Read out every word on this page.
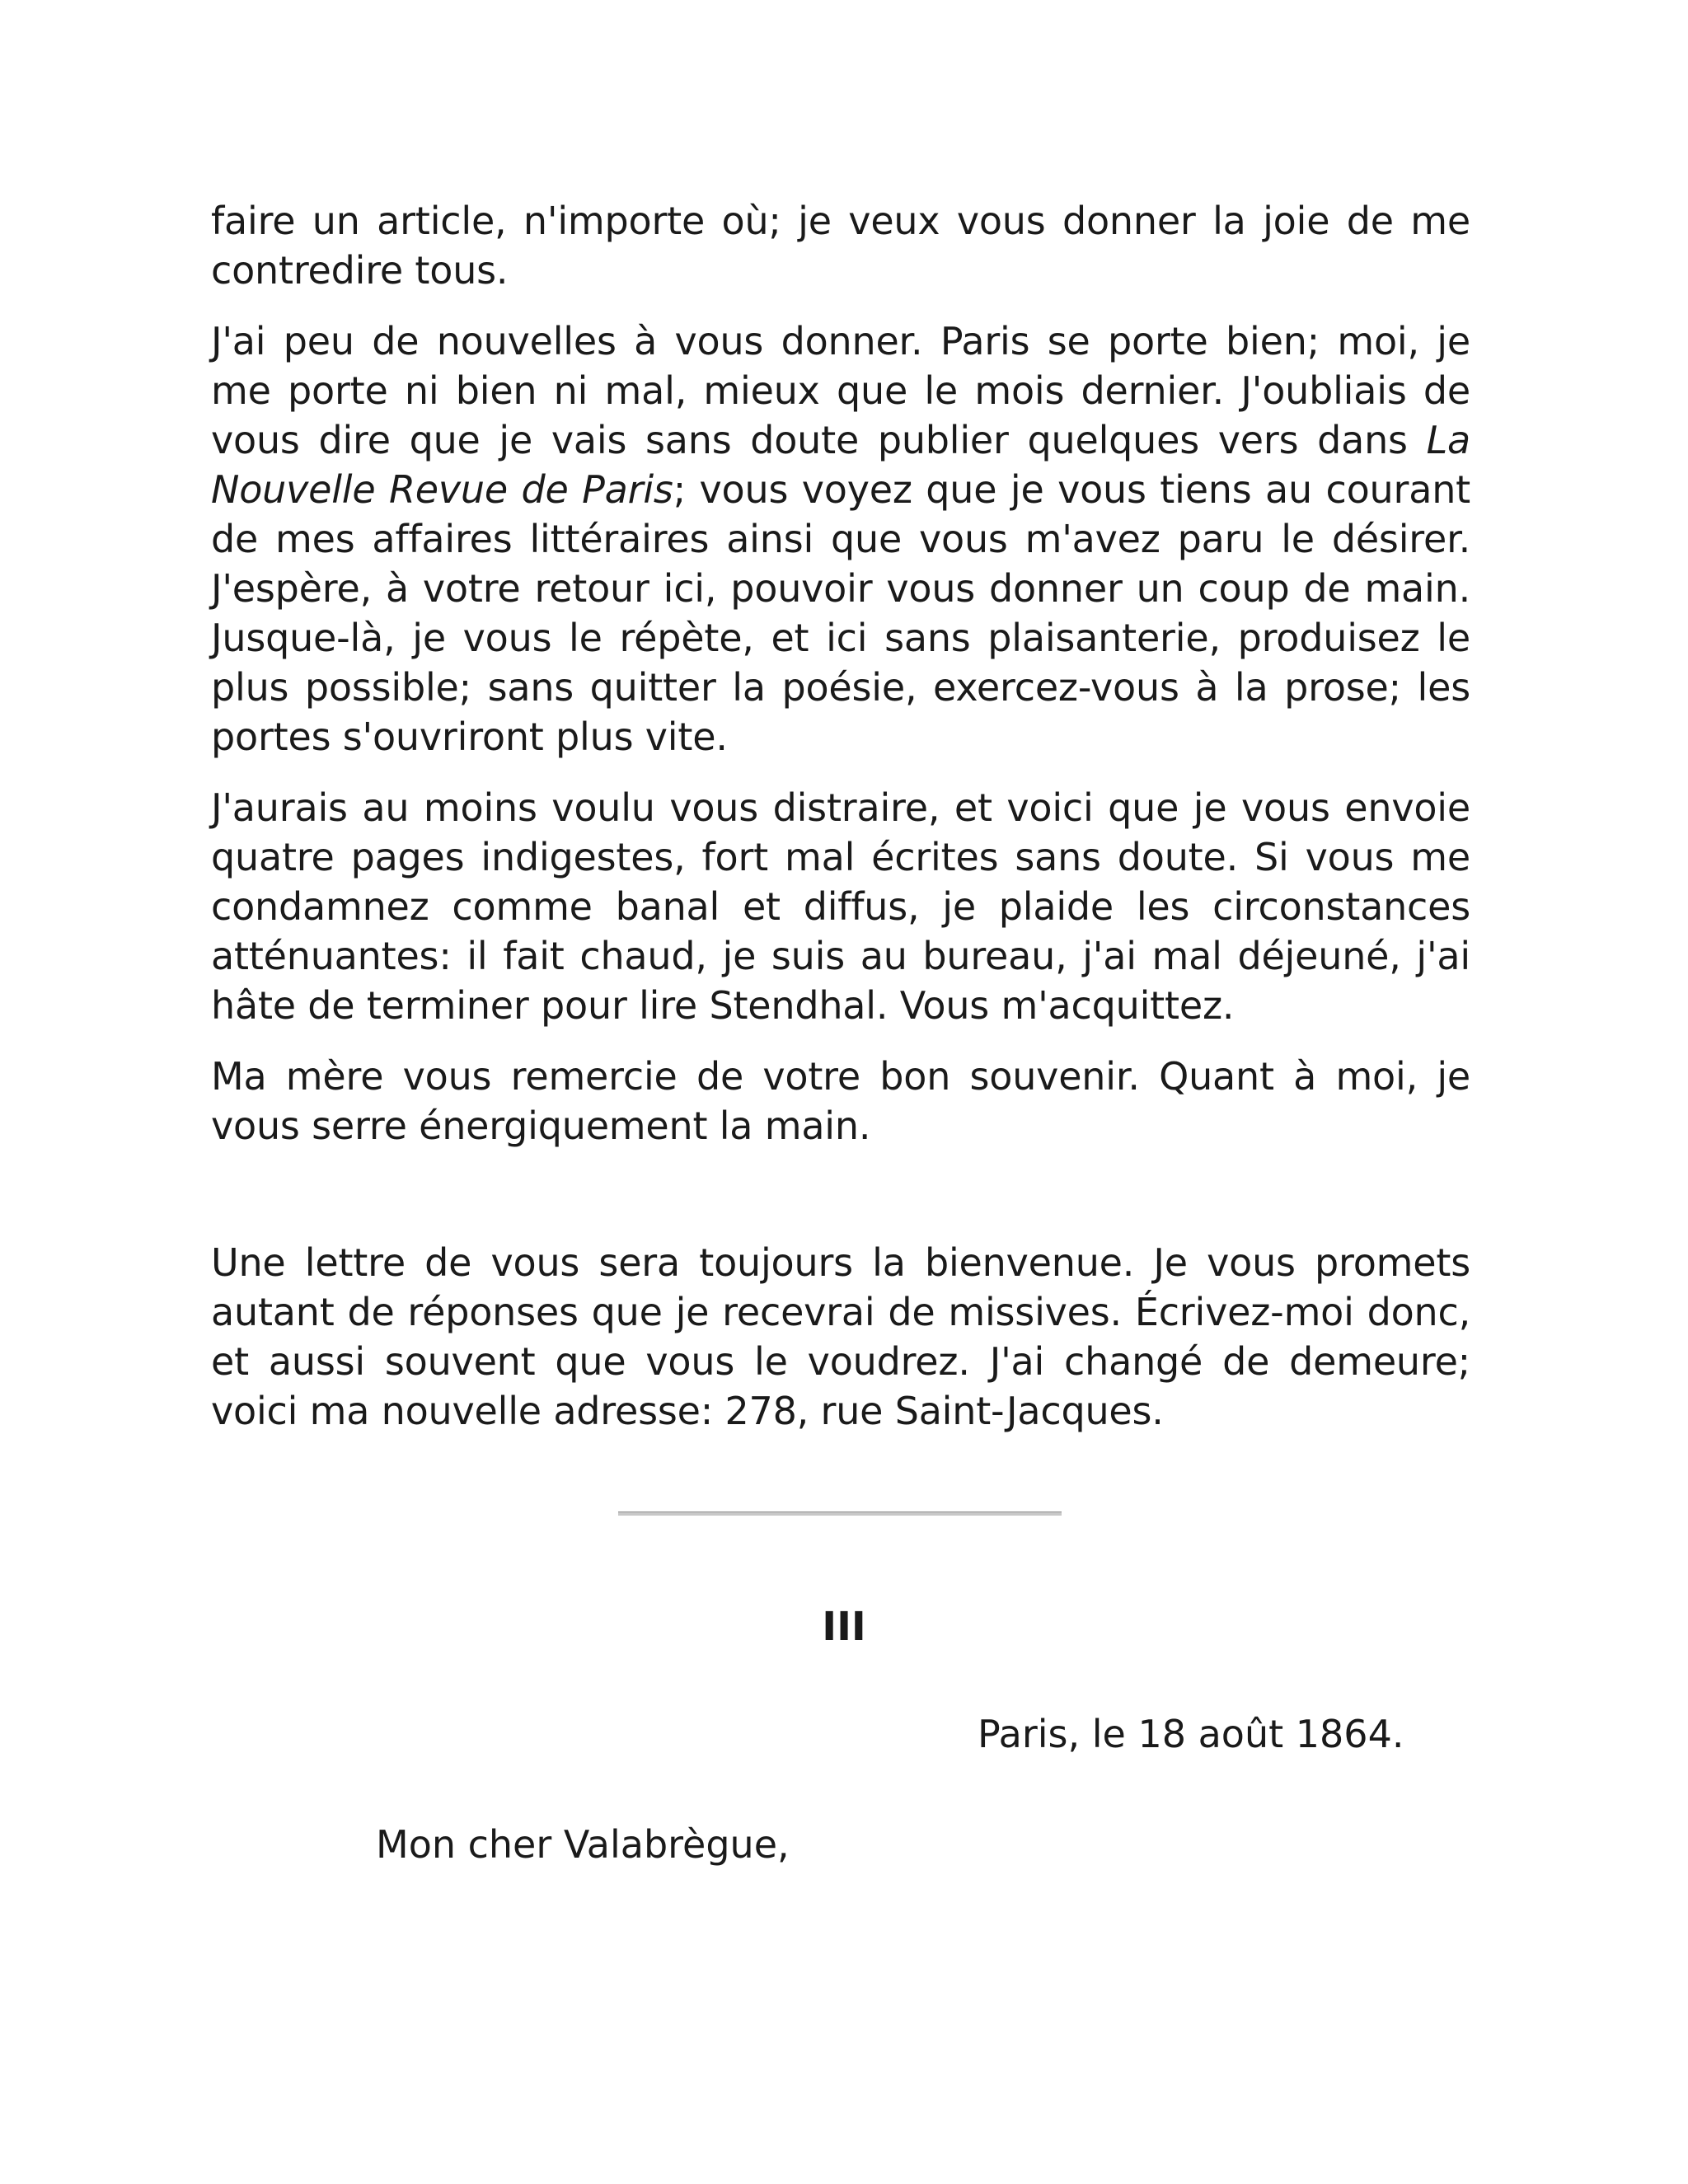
faire un article, n'importe où; je veux vous donner la joie de me contredire tous.

J'ai peu de nouvelles à vous donner. Paris se porte bien; moi, je me porte ni bien ni mal, mieux que le mois dernier. J'oubliais de vous dire que je vais sans doute publier quelques vers dans La Nouvelle Revue de Paris; vous voyez que je vous tiens au courant de mes affaires littéraires ainsi que vous m'avez paru le désirer. J'espère, à votre retour ici, pouvoir vous donner un coup de main. Jusque-là, je vous le répète, et ici sans plaisanterie, produisez le plus possible; sans quitter la poésie, exercez-vous à la prose; les portes s'ouvriront plus vite.

J'aurais au moins voulu vous distraire, et voici que je vous envoie quatre pages indigestes, fort mal écrites sans doute. Si vous me condamnez comme banal et diffus, je plaide les circonstances atténuantes: il fait chaud, je suis au bureau, j'ai mal déjeuné, j'ai hâte de terminer pour lire Stendhal. Vous m'acquittez.

Ma mère vous remercie de votre bon souvenir. Quant à moi, je vous serre énergiquement la main.

Une lettre de vous sera toujours la bienvenue. Je vous promets autant de réponses que je recevrai de missives. Écrivez-moi donc, et aussi souvent que vous le voudrez. J'ai changé de demeure; voici ma nouvelle adresse: 278, rue Saint-Jacques.

III

Paris, le 18 août 1864.

Mon cher Valabrègue,
